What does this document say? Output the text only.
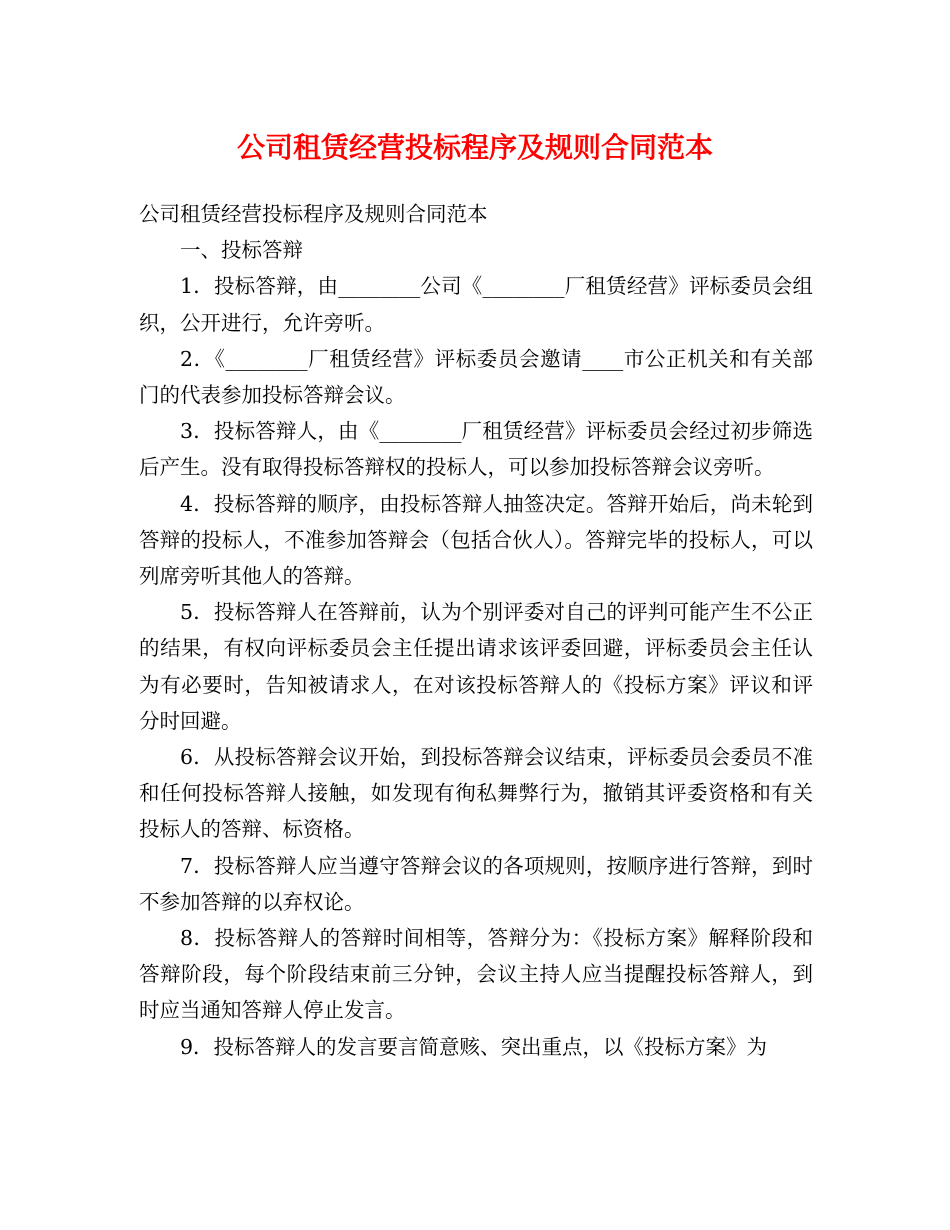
公司租赁经营投标程序及规则合同范本

公司租赁经营投标程序及规则合同范本

一、投标答辩

1．投标答辩，由________公司《________厂租赁经营》评标委员会组织，公开进行，允许旁听。

2．《________厂租赁经营》评标委员会邀请____市公正机关和有关部门的代表参加投标答辩会议。

3．投标答辩人，由《________厂租赁经营》评标委员会经过初步筛选后产生。没有取得投标答辩权的投标人，可以参加投标答辩会议旁听。

4．投标答辩的顺序，由投标答辩人抽签决定。答辩开始后，尚未轮到答辩的投标人，不准参加答辩会（包括合伙人）。答辩完毕的投标人，可以列席旁听其他人的答辩。

5．投标答辩人在答辩前，认为个别评委对自己的评判可能产生不公正的结果，有权向评标委员会主任提出请求该评委回避，评标委员会主任认为有必要时，告知被请求人，在对该投标答辩人的《投标方案》评议和评分时回避。

6．从投标答辩会议开始，到投标答辩会议结束，评标委员会委员不准和任何投标答辩人接触，如发现有徇私舞弊行为，撤销其评委资格和有关投标人的答辩、标资格。

7．投标答辩人应当遵守答辩会议的各项规则，按顺序进行答辩，到时不参加答辩的以弃权论。

8．投标答辩人的答辩时间相等，答辩分为：《投标方案》解释阶段和答辩阶段，每个阶段结束前三分钟，会议主持人应当提醒投标答辩人，到时应当通知答辩人停止发言。

9．投标答辩人的发言要言简意赅、突出重点，以《投标方案》为
